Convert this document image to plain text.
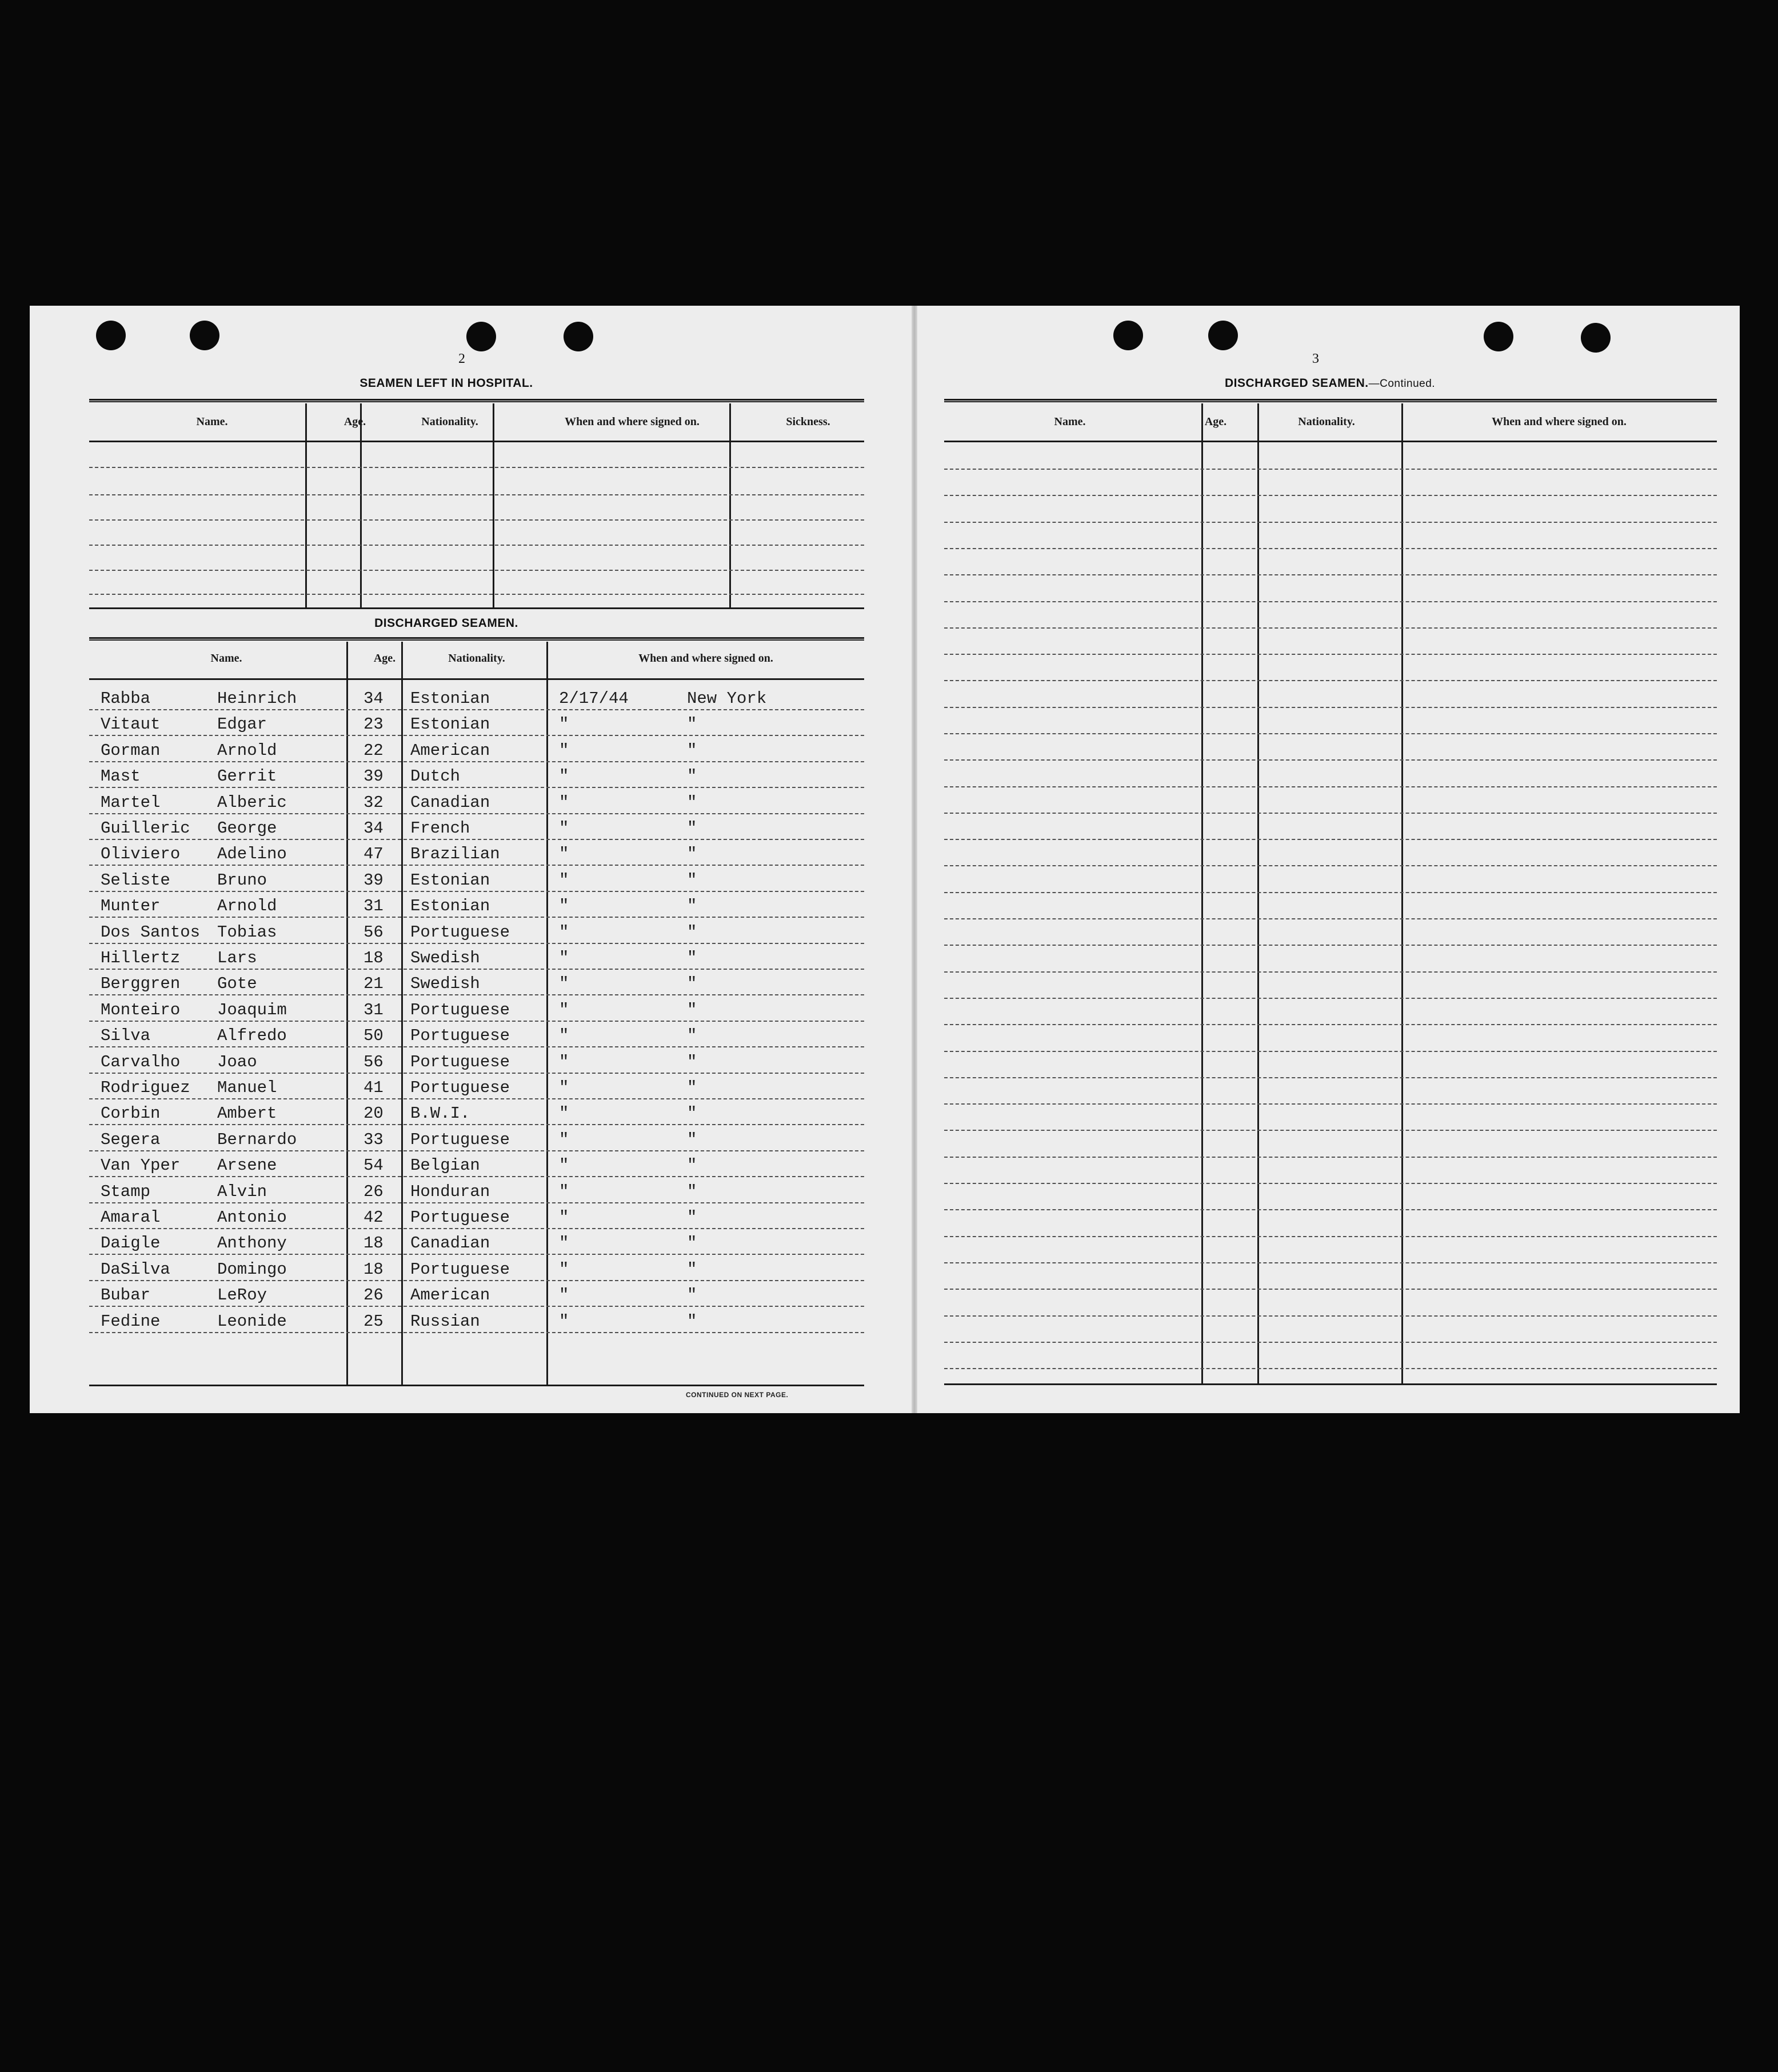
2
SEAMEN LEFT IN HOSPITAL.
Name.	Age.	Nationality.	When and where signed on.	Sickness.
DISCHARGED SEAMEN.
Name.	Age.	Nationality.	When and where signed on.
Rabba	Heinrich	34 Estonian	2/17/44	New York
Vitaut	Edgar	23 Estonian	"	"
Gorman	Arnold	22 American	"	"
Mast	Gerrit	39 Dutch	"	"
Martel	Alberic	32 Canadian	"	"
Guilleric George	34 French	"	"
Oliviero Adelino	47 Brazilian	"	"
Seliste	Bruno	39 Estonian	"	"
Munter	Arnold	31 Estonian	"	"
Dos Santos Tobias	56 Portuguese	"	"
Hillertz Lars	18 Swedish	"	"
Berggren Gote	21 Swedish	"	"
Monteiro Joaquim	31 Portuguese	"	"
Silva	Alfredo	50 Portuguese	"	"
Carvalho Joao	56 Portuguese	"	"
Rodriguez Manuel	41 Portuguese	"	"
Corbin	Ambert	20 B.W.I.	"	"
Segera	Bernardo	33 Portuguese	"	"
Van Yper Arsene	54 Belgian	"	"
Stamp	Alvin	26 Honduran	"	"
Amaral	Antonio	42 Portuguese	"	"
Daigle	Anthony	18 Canadian	"	"
DaSilva	Domingo	18 Portuguese	"	"
Bubar	LeRoy	26 American	"	"
Fedine	Leonide	25 Russian	"	"
CONTINUED ON NEXT PAGE.
3
DISCHARGED SEAMEN.—Continued.
Name.	Age.	Nationality.	When and where signed on.
